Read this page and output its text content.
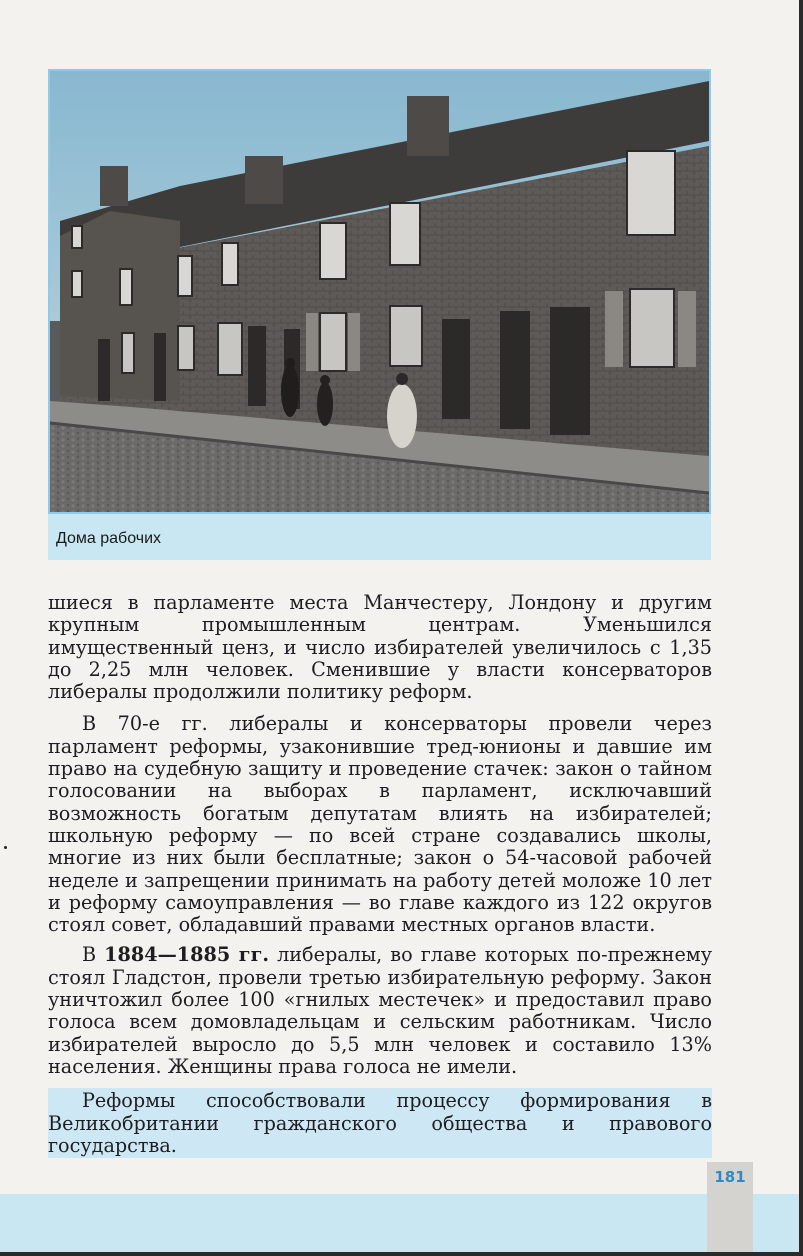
181
Дома рабочих

шиеся в парламенте места Манчестеру, Лондону и другим крупным промышленным центрам. Уменьшился имущественный ценз, и число избирателей увеличилось с 1,35 до 2,25 млн человек. Сменившие у власти консерваторов либералы продолжили политику реформ.

В 70-е гг. либералы и консерваторы провели через парламент реформы, узаконившие тред-юнионы и давшие им право на судебную защиту и проведение стачек: закон о тайном голосовании на выборах в парламент, исключавший возможность богатым депутатам влиять на избирателей; школьную реформу — по всей стране создавались школы, многие из них были бесплатные; закон о 54-часовой рабочей неделе и запрещении принимать на работу детей моложе 10 лет и реформу самоуправления — во главе каждого из 122 округов стоял совет, обладавший правами местных органов власти.

В 1884—1885 гг. либералы, во главе которых по-прежнему стоял Гладстон, провели третью избирательную реформу. Закон уничтожил более 100 «гнилых местечек» и предоставил право голоса всем домовладельцам и сельским работникам. Число избирателей выросло до 5,5 млн человек и составило 13% населения. Женщины права голоса не имели.

Реформы способствовали процессу формирования в Великобритании гражданского общества и правового государства.
